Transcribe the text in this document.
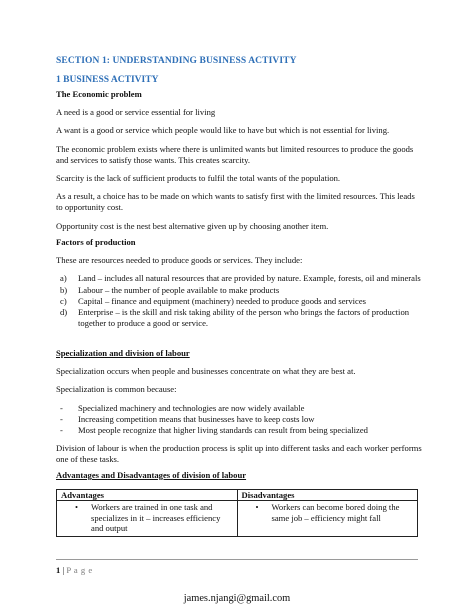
SECTION 1: UNDERSTANDING BUSINESS ACTIVITY
1 BUSINESS ACTIVITY
The Economic problem

A need is a good or service essential for living

A want is a good or service which people would like to have but which is not essential for living.

The economic problem exists where there is unlimited wants but limited resources to produce the goods and services to satisfy those wants. This creates scarcity.

Scarcity is the lack of sufficient products to fulfil the total wants of the population.

As a result, a choice has to be made on which wants to satisfy first with the limited resources. This leads to opportunity cost.

Opportunity cost is the nest best alternative given up by choosing another item.

Factors of production

These are resources needed to produce goods or services. They include:

a) Land – includes all natural resources that are provided by nature. Example, forests, oil and minerals
b) Labour – the number of people available to make products
c) Capital – finance and equipment (machinery) needed to produce goods and services
d) Enterprise – is the skill and risk taking ability of the person who brings the factors of production together to produce a good or service.
Specialization and division of labour

Specialization occurs when people and businesses concentrate on what they are best at.

Specialization is common because:

- Specialized machinery and technologies are now widely available
- Increasing competition means that businesses have to keep costs low
- Most people recognize that higher living standards can result from being specialized

Division of labour is when the production process is split up into different tasks and each worker performs one of these tasks.

Advantages and Disadvantages of division of labour
Advantages	Disadvantages

• Workers are trained in one task and specializes in it – increases efficiency and output	• Workers can become bored doing the same job – efficiency might fall
1 | P a g e
james.njangi@gmail.com
